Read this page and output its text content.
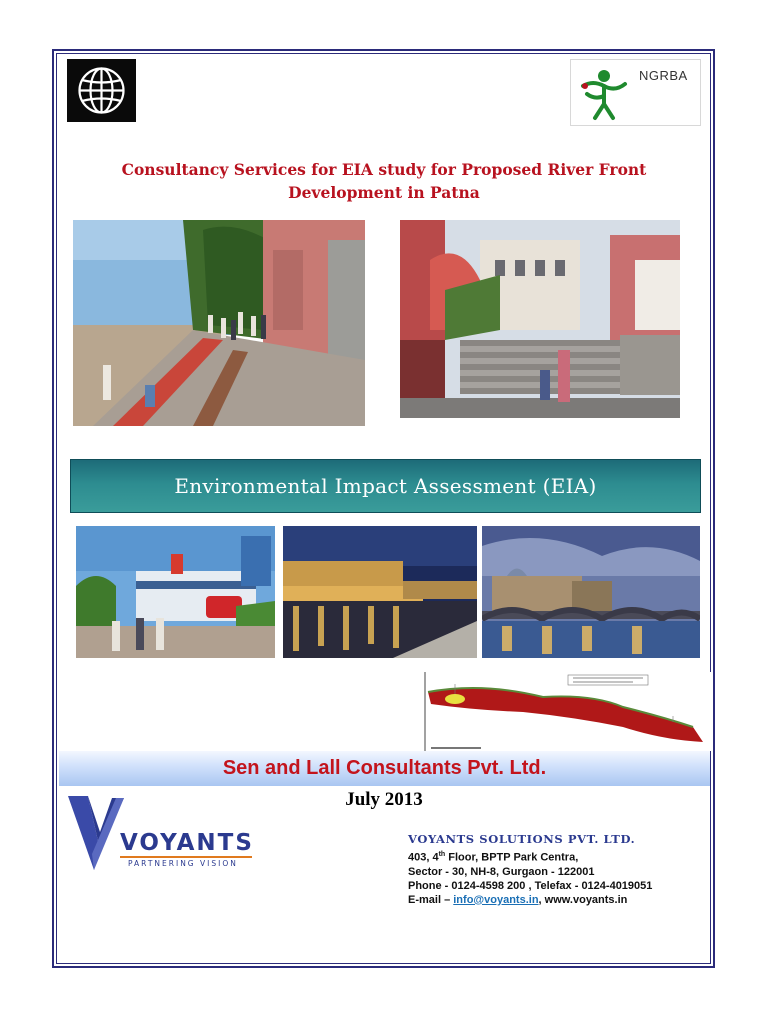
NGRBA
Consultancy Services for EIA study for Proposed River Front
Development in Patna
Environmental Impact Assessment (EIA)
Sen and Lall Consultants Pvt. Ltd.
July 2013
VOYANTS
PARTNERING VISION
VOYANTS SOLUTIONS PVT. LTD.
403, 4th Floor, BPTP Park Centra,
Sector - 30, NH-8, Gurgaon - 122001
Phone - 0124-4598 200 , Telefax - 0124-4019051
E-mail – info@voyants.in, www.voyants.in
